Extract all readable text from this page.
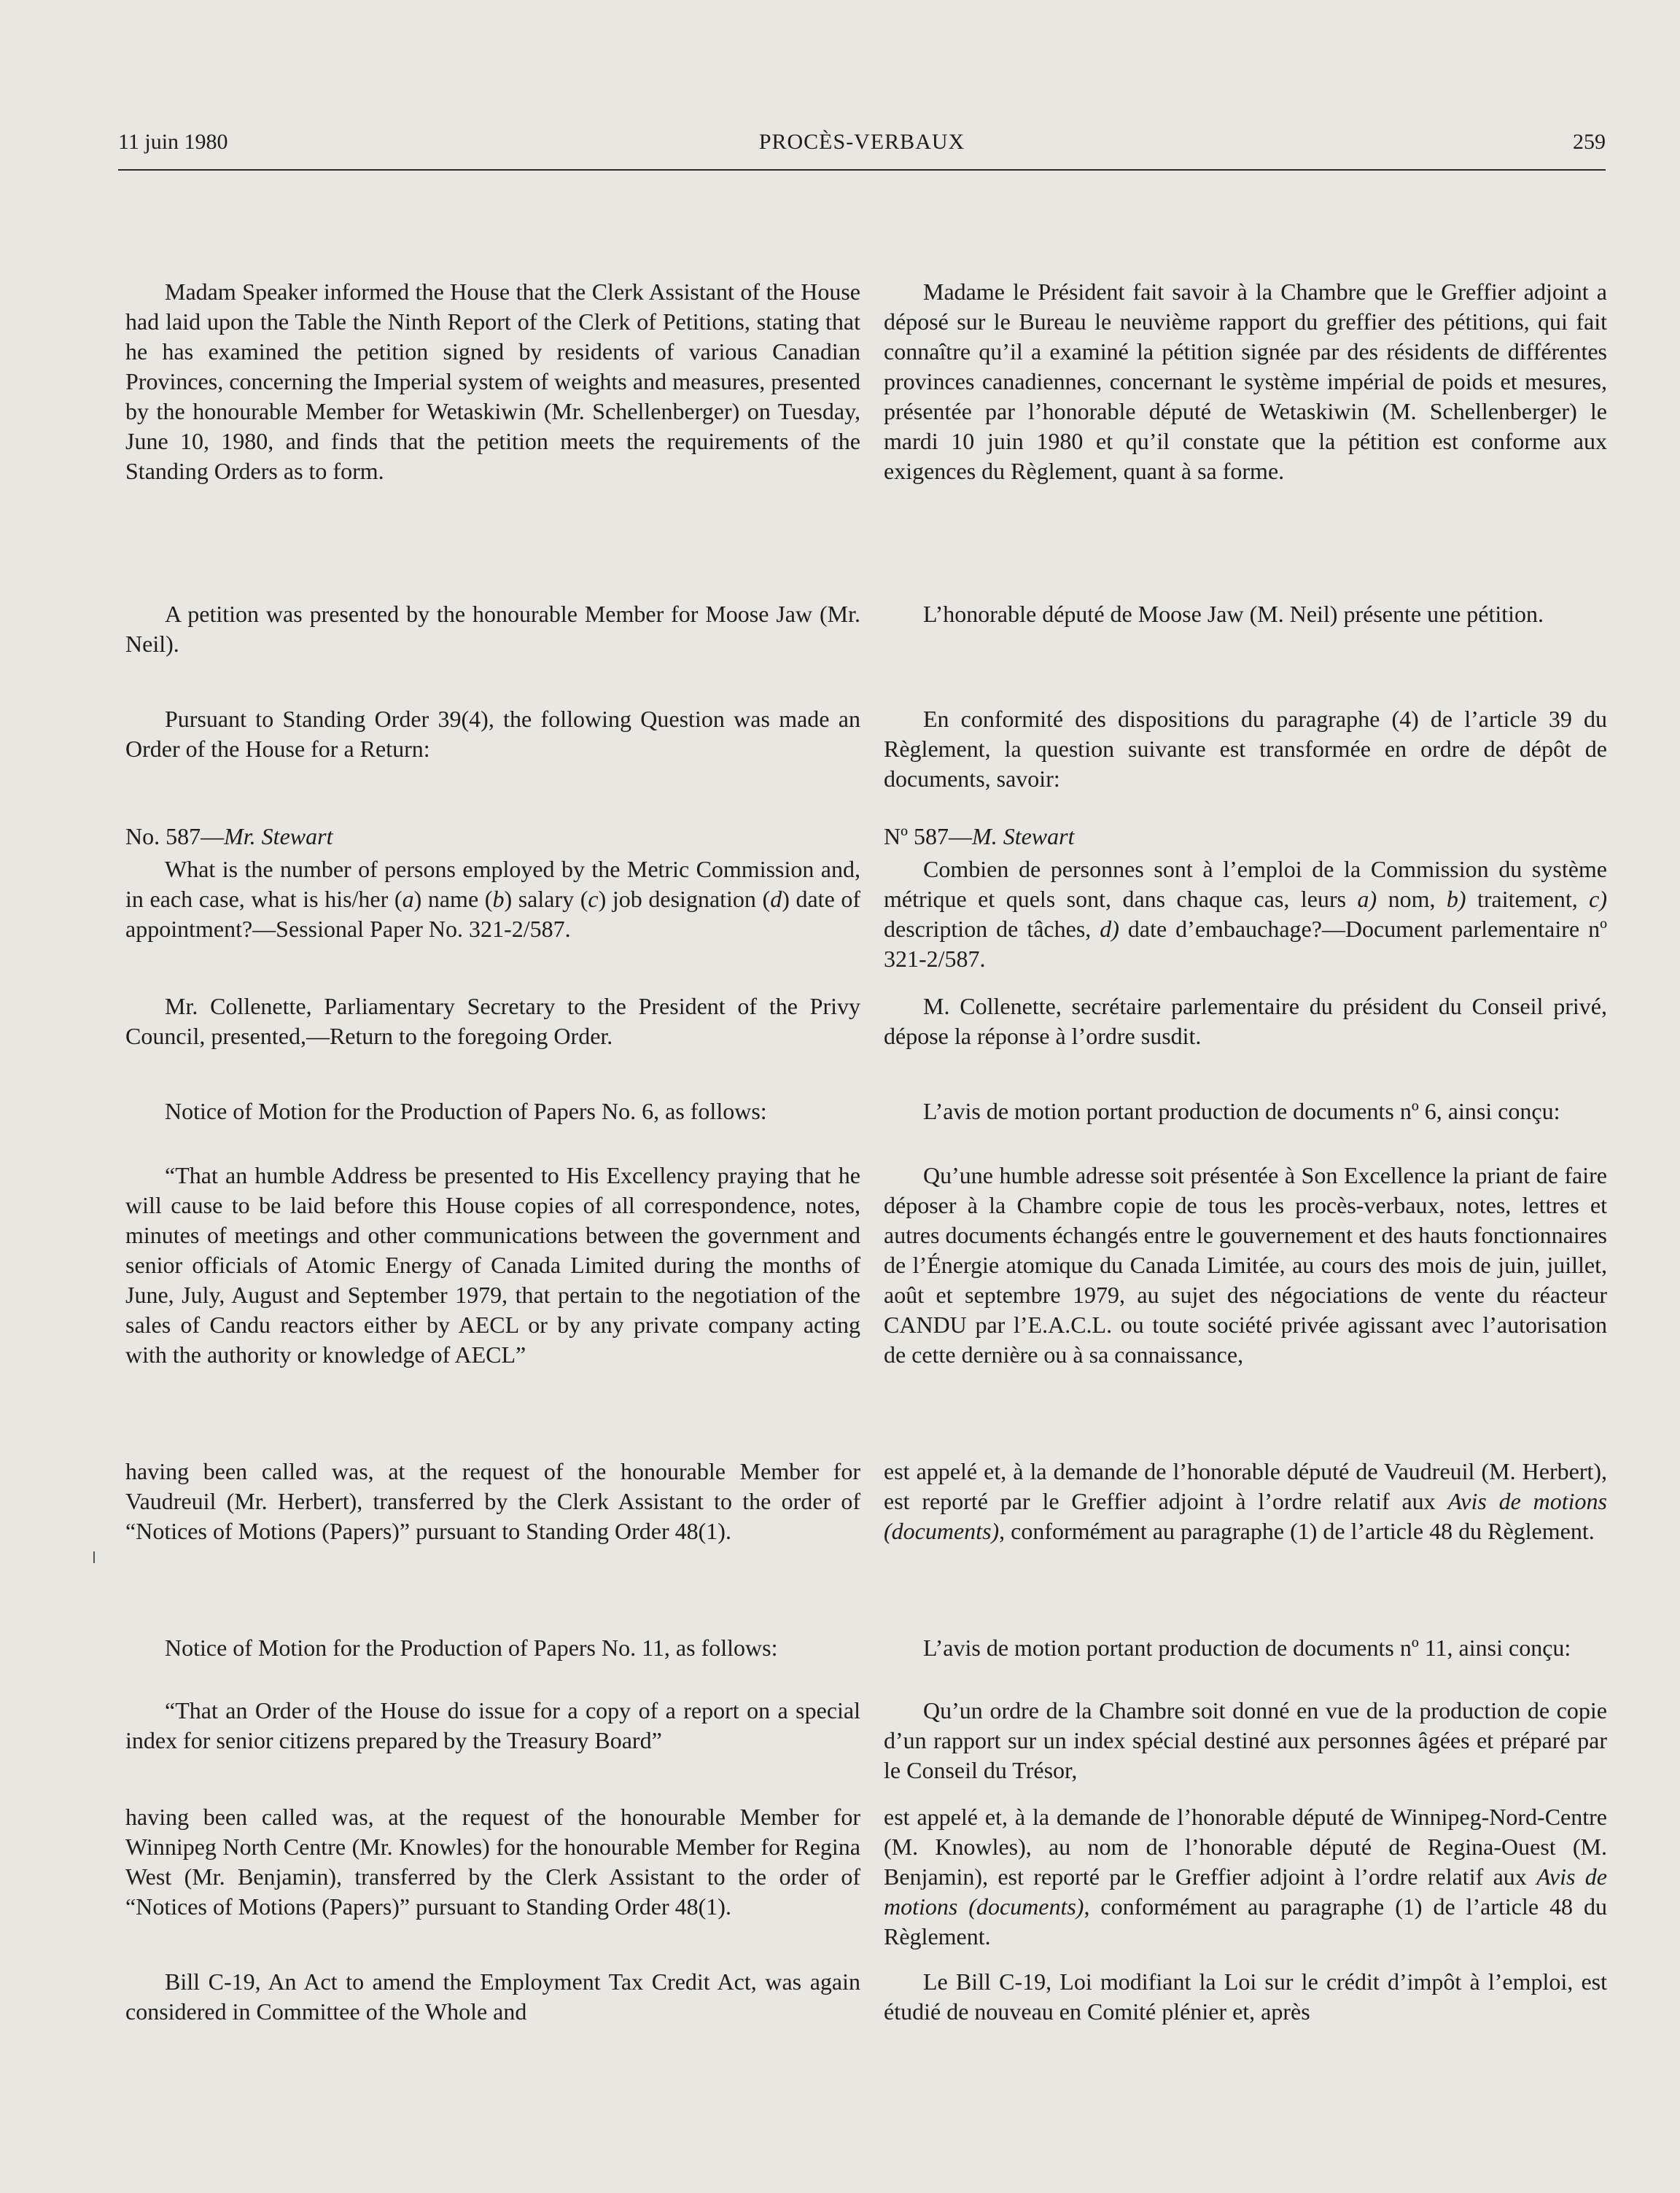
11 juin 1980	PROCÈS-VERBAUX	259

Madam Speaker informed the House that the Clerk Assistant of the House had laid upon the Table the Ninth Report of the Clerk of Petitions, stating that he has examined the petition signed by residents of various Canadian Provinces, concerning the Imperial system of weights and measures, presented by the honourable Member for Wetaskiwin (Mr. Schellenberger) on Tuesday, June 10, 1980, and finds that the petition meets the requirements of the Standing Orders as to form.

A petition was presented by the honourable Member for Moose Jaw (Mr. Neil).

Pursuant to Standing Order 39(4), the following Question was made an Order of the House for a Return:

No. 587—Mr. Stewart

What is the number of persons employed by the Metric Commission and, in each case, what is his/her (a) name (b) salary (c) job designation (d) date of appointment?—Sessional Paper No. 321-2/587.

Mr. Collenette, Parliamentary Secretary to the President of the Privy Council, presented,—Return to the foregoing Order.

Notice of Motion for the Production of Papers No. 6, as follows:

“That an humble Address be presented to His Excellency praying that he will cause to be laid before this House copies of all correspondence, notes, minutes of meetings and other communications between the government and senior officials of Atomic Energy of Canada Limited during the months of June, July, August and September 1979, that pertain to the negotiation of the sales of Candu reactors either by AECL or by any private company acting with the authority or knowledge of AECL”

having been called was, at the request of the honourable Member for Vaudreuil (Mr. Herbert), transferred by the Clerk Assistant to the order of “Notices of Motions (Papers)” pursuant to Standing Order 48(1).

Notice of Motion for the Production of Papers No. 11, as follows:

“That an Order of the House do issue for a copy of a report on a special index for senior citizens prepared by the Treasury Board”

having been called was, at the request of the honourable Member for Winnipeg North Centre (Mr. Knowles) for the honourable Member for Regina West (Mr. Benjamin), transferred by the Clerk Assistant to the order of “Notices of Motions (Papers)” pursuant to Standing Order 48(1).

Bill C-19, An Act to amend the Employment Tax Credit Act, was again considered in Committee of the Whole and

Madame le Président fait savoir à la Chambre que le Greffier adjoint a déposé sur le Bureau le neuvième rapport du greffier des pétitions, qui fait connaître qu’il a examiné la pétition signée par des résidents de différentes provinces canadiennes, concernant le système impérial de poids et mesures, présentée par l’honorable député de Wetaskiwin (M. Schellenberger) le mardi 10 juin 1980 et qu’il constate que la pétition est conforme aux exigences du Règlement, quant à sa forme.

L’honorable député de Moose Jaw (M. Neil) présente une pétition.

En conformité des dispositions du paragraphe (4) de l’article 39 du Règlement, la question suivante est transformée en ordre de dépôt de documents, savoir:

Nº 587—M. Stewart

Combien de personnes sont à l’emploi de la Commission du système métrique et quels sont, dans chaque cas, leurs a) nom, b) traitement, c) description de tâches, d) date d’embauchage?—Document parlementaire nº 321-2/587.

M. Collenette, secrétaire parlementaire du président du Conseil privé, dépose la réponse à l’ordre susdit.

L’avis de motion portant production de documents nº 6, ainsi conçu:

Qu’une humble adresse soit présentée à Son Excellence la priant de faire déposer à la Chambre copie de tous les procès-verbaux, notes, lettres et autres documents échangés entre le gouvernement et des hauts fonctionnaires de l’Énergie atomique du Canada Limitée, au cours des mois de juin, juillet, août et septembre 1979, au sujet des négociations de vente du réacteur CANDU par l’E.A.C.L. ou toute société privée agissant avec l’autorisation de cette dernière ou à sa connaissance,

est appelé et, à la demande de l’honorable député de Vaudreuil (M. Herbert), est reporté par le Greffier adjoint à l’ordre relatif aux Avis de motions (documents), conformément au paragraphe (1) de l’article 48 du Règlement.

L’avis de motion portant production de documents nº 11, ainsi conçu:

Qu’un ordre de la Chambre soit donné en vue de la production de copie d’un rapport sur un index spécial destiné aux personnes âgées et préparé par le Conseil du Trésor,

est appelé et, à la demande de l’honorable député de Winnipeg-Nord-Centre (M. Knowles), au nom de l’honorable député de Regina-Ouest (M. Benjamin), est reporté par le Greffier adjoint à l’ordre relatif aux Avis de motions (documents), conformément au paragraphe (1) de l’article 48 du Règlement.

Le Bill C-19, Loi modifiant la Loi sur le crédit d’impôt à l’emploi, est étudié de nouveau en Comité plénier et, après
